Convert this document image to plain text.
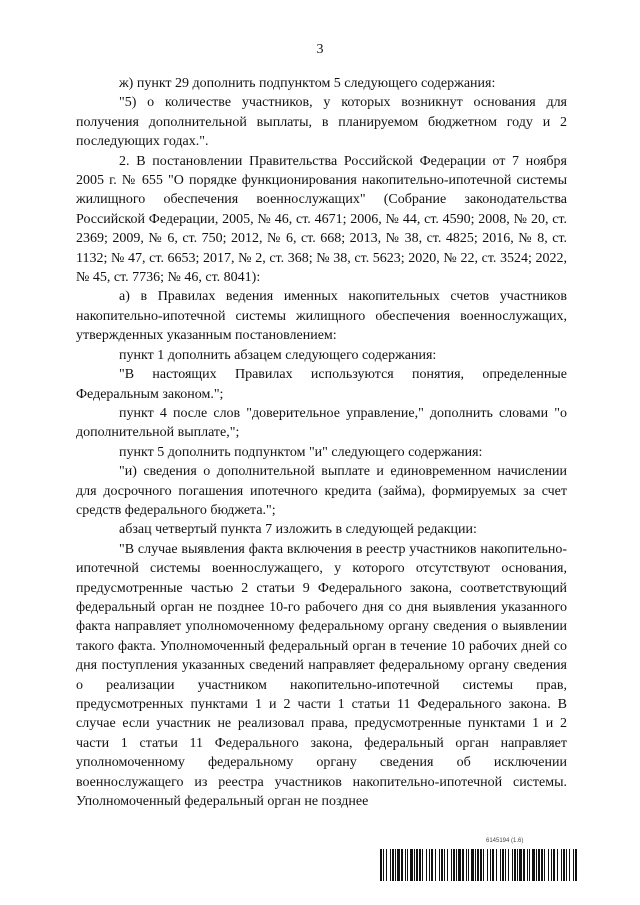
3

ж) пункт 29 дополнить подпунктом 5 следующего содержания:

"5) о количестве участников, у которых возникнут основания для получения дополнительной выплаты, в планируемом бюджетном году и 2 последующих годах.".

2. В постановлении Правительства Российской Федерации от 7 ноября 2005 г. № 655 "О порядке функционирования накопительно-ипотечной системы жилищного обеспечения военнослужащих" (Собрание законодательства Российской Федерации, 2005, № 46, ст. 4671; 2006, № 44, ст. 4590; 2008, № 20, ст. 2369; 2009, № 6, ст. 750; 2012, № 6, ст. 668; 2013, № 38, ст. 4825; 2016, № 8, ст. 1132; № 47, ст. 6653; 2017, № 2, ст. 368; № 38, ст. 5623; 2020, № 22, ст. 3524; 2022, № 45, ст. 7736; № 46, ст. 8041):

а) в Правилах ведения именных накопительных счетов участников накопительно-ипотечной системы жилищного обеспечения военнослужащих, утвержденных указанным постановлением:

пункт 1 дополнить абзацем следующего содержания:

"В настоящих Правилах используются понятия, определенные Федеральным законом.";

пункт 4 после слов "доверительное управление," дополнить словами "о дополнительной выплате,";

пункт 5 дополнить подпунктом "и" следующего содержания:

"и) сведения о дополнительной выплате и единовременном начислении для досрочного погашения ипотечного кредита (займа), формируемых за счет средств федерального бюджета.";

абзац четвертый пункта 7 изложить в следующей редакции:

"В случае выявления факта включения в реестр участников накопительно-ипотечной системы военнослужащего, у которого отсутствуют основания, предусмотренные частью 2 статьи 9 Федерального закона, соответствующий федеральный орган не позднее 10-го рабочего дня со дня выявления указанного факта направляет уполномоченному федеральному органу сведения о выявлении такого факта. Уполномоченный федеральный орган в течение 10 рабочих дней со дня поступления указанных сведений направляет федеральному органу сведения о реализации участником накопительно-ипотечной системы прав, предусмотренных пунктами 1 и 2 части 1 статьи 11 Федерального закона. В случае если участник не реализовал права, предусмотренные пунктами 1 и 2 части 1 статьи 11 Федерального закона, федеральный орган направляет уполномоченному федеральному органу сведения об исключении военнослужащего из реестра участников накопительно-ипотечной системы. Уполномоченный федеральный орган не позднее

6145194 (1.6)
